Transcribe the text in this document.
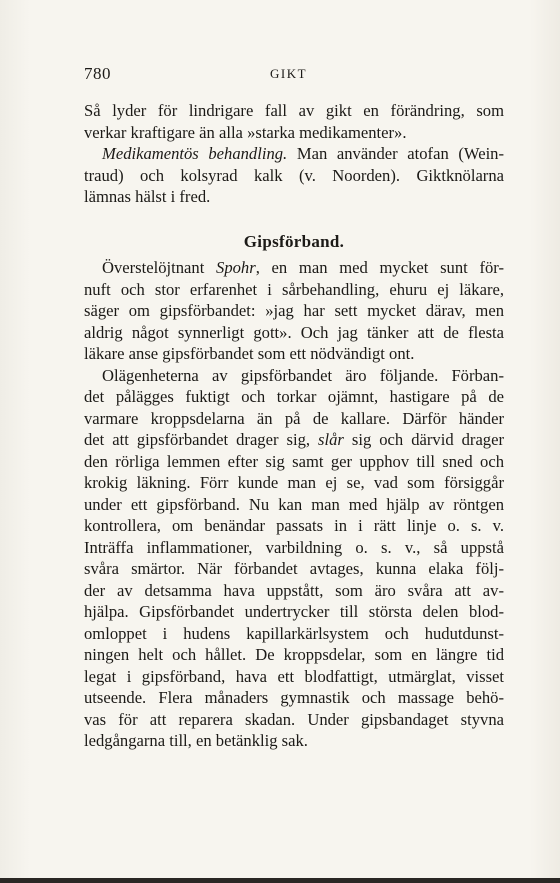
780	GIKT
Så lyder för lindrigare fall av gikt en förändring, som
verkar kraftigare än alla »starka medikamenter».
Medikamentös behandling. Man använder atofan (Wein-
traud) och kolsyrad kalk (v. Noorden). Giktknölarna
lämnas hälst i fred.
Gipsförband.
Överstelöjtnant Spohr, en man med mycket sunt för-
nuft och stor erfarenhet i sårbehandling, ehuru ej läkare,
säger om gipsförbandet: »jag har sett mycket därav, men
aldrig något synnerligt gott». Och jag tänker att de flesta
läkare anse gipsförbandet som ett nödvändigt ont.
Olägenheterna av gipsförbandet äro följande. Förban-
det pålägges fuktigt och torkar ojämnt, hastigare på de
varmare kroppsdelarna än på de kallare. Därför händer
det att gipsförbandet drager sig, slår sig och därvid drager
den rörliga lemmen efter sig samt ger upphov till sned och
krokig läkning. Förr kunde man ej se, vad som försiggår
under ett gipsförband. Nu kan man med hjälp av röntgen
kontrollera, om benändar passats in i rätt linje o. s. v.
Inträffa inflammationer, varbildning o. s. v., så uppstå
svåra smärtor. När förbandet avtages, kunna elaka följ-
der av detsamma hava uppstått, som äro svåra att av-
hjälpa. Gipsförbandet undertrycker till största delen blod-
omloppet i hudens kapillarkärlsystem och hudutdunst-
ningen helt och hållet. De kroppsdelar, som en längre tid
legat i gipsförband, hava ett blodfattigt, utmärglat, visset
utseende. Flera månaders gymnastik och massage behö-
vas för att reparera skadan. Under gipsbandaget styvna
ledgångarna till, en betänklig sak.
